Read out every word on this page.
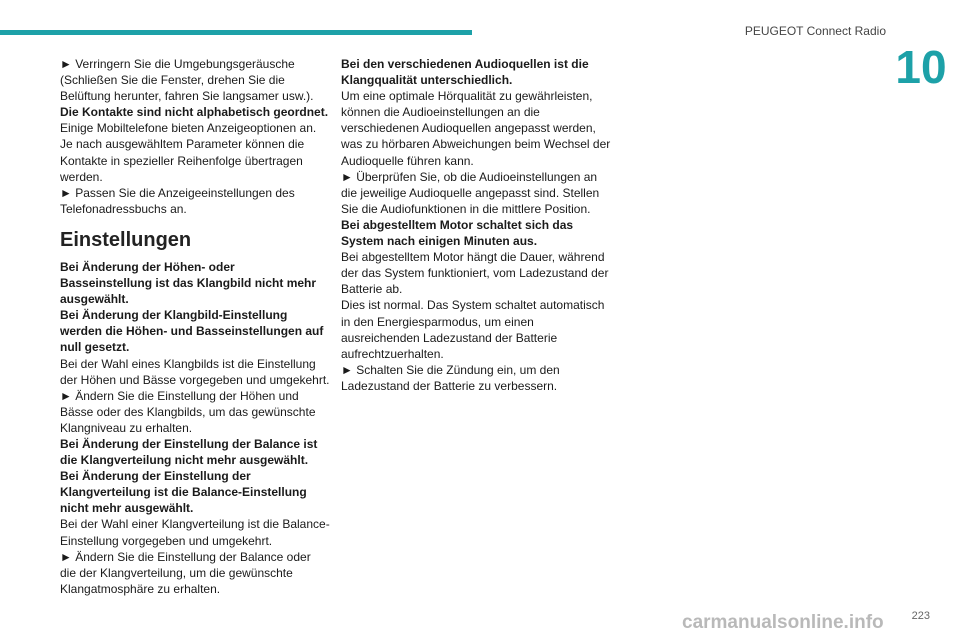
PEUGEOT Connect Radio
10

► Verringern Sie die Umgebungsgeräusche (Schließen Sie die Fenster, drehen Sie die Belüftung herunter, fahren Sie langsamer usw.).

Die Kontakte sind nicht alphabetisch geordnet.

Einige Mobiltelefone bieten Anzeigeoptionen an.

Je nach ausgewähltem Parameter können die Kontakte in spezieller Reihenfolge übertragen werden.

► Passen Sie die Anzeigeeinstellungen des Telefonadressbuchs an.

Einstellungen

Bei Änderung der Höhen- oder Basseinstellung ist das Klangbild nicht mehr ausgewählt.

Bei Änderung der Klangbild-Einstellung werden die Höhen- und Basseinstellungen auf null gesetzt.

Bei der Wahl eines Klangbilds ist die Einstellung der Höhen und Bässe vorgegeben und umgekehrt.

► Ändern Sie die Einstellung der Höhen und Bässe oder des Klangbilds, um das gewünschte Klangniveau zu erhalten.

Bei Änderung der Einstellung der Balance ist die Klangverteilung nicht mehr ausgewählt.

Bei Änderung der Einstellung der Klangverteilung ist die Balance-Einstellung nicht mehr ausgewählt.

Bei der Wahl einer Klangverteilung ist die Balance-Einstellung vorgegeben und umgekehrt.

► Ändern Sie die Einstellung der Balance oder die der Klangverteilung, um die gewünschte Klangatmosphäre zu erhalten.

Bei den verschiedenen Audioquellen ist die Klangqualität unterschiedlich.

Um eine optimale Hörqualität zu gewährleisten, können die Audioeinstellungen an die verschiedenen Audioquellen angepasst werden, was zu hörbaren Abweichungen beim Wechsel der Audioquelle führen kann.

► Überprüfen Sie, ob die Audioeinstellungen an die jeweilige Audioquelle angepasst sind. Stellen Sie die Audiofunktionen in die mittlere Position.

Bei abgestelltem Motor schaltet sich das System nach einigen Minuten aus.

Bei abgestelltem Motor hängt die Dauer, während der das System funktioniert, vom Ladezustand der Batterie ab.

Dies ist normal. Das System schaltet automatisch in den Energiesparmodus, um einen ausreichenden Ladezustand der Batterie aufrechtzuerhalten.

► Schalten Sie die Zündung ein, um den Ladezustand der Batterie zu verbessern.

223
carmanualsonline.info
